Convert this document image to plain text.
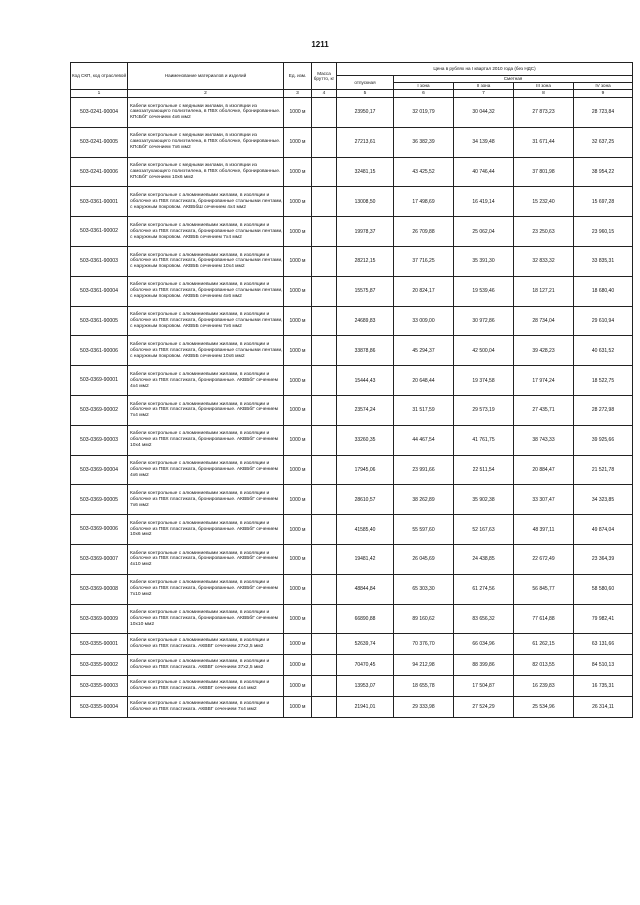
1211
Код СКП, код отраслевой	Наименование материалов и изделий	Ед. изм.	Масса брутто, кг	Цена в рублях на I квартал 2010 года (без НДС)				
				отпускная	Сметная			
					I зона	II зона	III зона	IV зона
1	2	3	4	5	6	7	8	9
503-0241-90004	Кабели контрольные с медными жилами, в изоляции из самозатухающего полиэтилена, в ПВХ оболочке, бронированные. КПсБбГ сечением 4х6 мм2	1000 м		23950,17	32 019,79	30 044,32	27 873,23	28 723,84
503-0241-90005	Кабели контрольные с медными жилами, в изоляции из самозатухающего полиэтилена, в ПВХ оболочке, бронированные. КПсБбГ сечением 7х6 мм2	1000 м		27213,61	36 382,39	34 139,48	31 671,44	32 637,25
503-0241-90006	Кабели контрольные с медными жилами, в изоляции из самозатухающего полиэтилена, в ПВХ оболочке, бронированные. КПсБбГ сечением 10х6 мм2	1000 м		32481,15	43 425,52	40 746,44	37 801,98	38 954,22
503-0361-90001	Кабели контрольные с алюминиевыми жилами, в изоляции и оболочке из ПВХ пластиката, бронированные стальными лентами, с наружным покровом. АКВБбШ сечением 4х4 мм2	1000 м		13008,50	17 498,69	16 419,14	15 232,40	15 697,28
503-0361-90002	Кабели контрольные с алюминиевыми жилами, в изоляции и оболочке из ПВХ пластиката, бронированные стальными лентами, с наружным покровом. АКВББ сечением 7х4 мм2	1000 м		19978,37	26 709,88	25 062,04	23 250,63	23 960,15
503-0361-90003	Кабели контрольные с алюминиевыми жилами, в изоляции и оболочке из ПВХ пластиката, бронированные стальными лентами, с наружным покровом. АКВББ сечением 10х4 мм2	1000 м		28212,15	37 716,25	35 391,30	32 833,32	33 835,31
503-0361-90004	Кабели контрольные с алюминиевыми жилами, в изоляции и оболочке из ПВХ пластиката, бронированные стальными лентами, с наружным покровом. АКВББ сечением 4х6 мм2	1000 м		15575,87	20 824,17	19 539,46	18 127,21	18 680,40
503-0361-90005	Кабели контрольные с алюминиевыми жилами, в изоляции и оболочке из ПВХ пластиката, бронированные стальными лентами, с наружным покровом. АКВББ сечением 7х6 мм2	1000 м		24689,83	33 009,00	30 972,86	28 734,04	29 610,94
503-0361-90006	Кабели контрольные с алюминиевыми жилами, в изоляции и оболочке из ПВХ пластиката, бронированные стальными лентами, с наружным покровом. АКВББ сечением 10х6 мм2	1000 м		33878,86	45 294,37	42 500,04	39 428,23	40 631,52
503-0369-90001	Кабели контрольные с алюминиевыми жилами, в изоляции и оболочке из ПВХ пластиката, бронированные. АКВБбГ сечением 4х4 мм2	1000 м		15444,43	20 648,44	19 374,58	17 974,24	18 522,75
503-0369-90002	Кабели контрольные с алюминиевыми жилами, в изоляции и оболочке из ПВХ пластиката, бронированные. АКВБбГ сечением 7х4 мм2	1000 м		23574,24	31 517,59	29 573,19	27 435,71	28 272,98
503-0369-90003	Кабели контрольные с алюминиевыми жилами, в изоляции и оболочке из ПВХ пластиката, бронированные. АКВБбГ сечением 10х4 мм2	1000 м		33260,35	44 467,54	41 761,75	38 743,33	39 925,66
503-0369-90004	Кабели контрольные с алюминиевыми жилами, в изоляции и оболочке из ПВХ пластиката, бронированные. АКВБбГ сечением 4х6 мм2	1000 м		17945,06	23 991,66	22 511,54	20 884,47	21 521,78
503-0369-90005	Кабели контрольные с алюминиевыми жилами, в изоляции и оболочке из ПВХ пластиката, бронированные. АКВБбГ сечением 7х6 мм2	1000 м		28610,57	38 262,89	35 902,38	33 307,47	34 323,85
503-0369-90006	Кабели контрольные с алюминиевыми жилами, в изоляции и оболочке из ПВХ пластиката, бронированные. АКВБбГ сечением 10х6 мм2	1000 м		41585,40	55 597,60	52 167,63	48 397,11	49 874,04
503-0369-90007	Кабели контрольные с алюминиевыми жилами, в изоляции и оболочке из ПВХ пластиката, бронированные. АКВБбГ сечением 4х10 мм2	1000 м		19481,42	26 045,69	24 438,85	22 672,49	23 364,39
503-0369-90008	Кабели контрольные с алюминиевыми жилами, в изоляции и оболочке из ПВХ пластиката, бронированные. АКВБбГ сечением 7х10 мм2	1000 м		48844,84	65 303,30	61 274,56	56 845,77	58 580,60
503-0369-90009	Кабели контрольные с алюминиевыми жилами, в изоляции и оболочке из ПВХ пластиката, бронированные. АКВБбГ сечением 10х10 мм2	1000 м		66890,88	89 160,62	83 656,32	77 614,88	79 982,41
503-0355-90001	Кабели контрольные с алюминиевыми жилами, в изоляции и оболочке из ПВХ пластиката. АКВВГ сечением 27х2,5 мм2	1000 м		52639,74	70 376,70	66 034,96	61 262,15	63 131,66
503-0355-90002	Кабели контрольные с алюминиевыми жилами, в изоляции и оболочке из ПВХ пластиката. АКВВГ сечением 37х2,5 мм2	1000 м		70470,45	94 212,98	88 399,86	82 013,55	84 510,13
503-0355-90003	Кабели контрольные с алюминиевыми жилами, в изоляции и оболочке из ПВХ пластиката. АКВВГ сечением 4х4 мм2	1000 м		13953,07	18 655,78	17 504,87	16 239,83	16 735,31
503-0355-90004	Кабели контрольные с алюминиевыми жилами, в изоляции и оболочке из ПВХ пластиката. АКВВГ сечением 7х4 мм2	1000 м		21941,01	29 333,98	27 524,29	25 534,96	26 314,11
